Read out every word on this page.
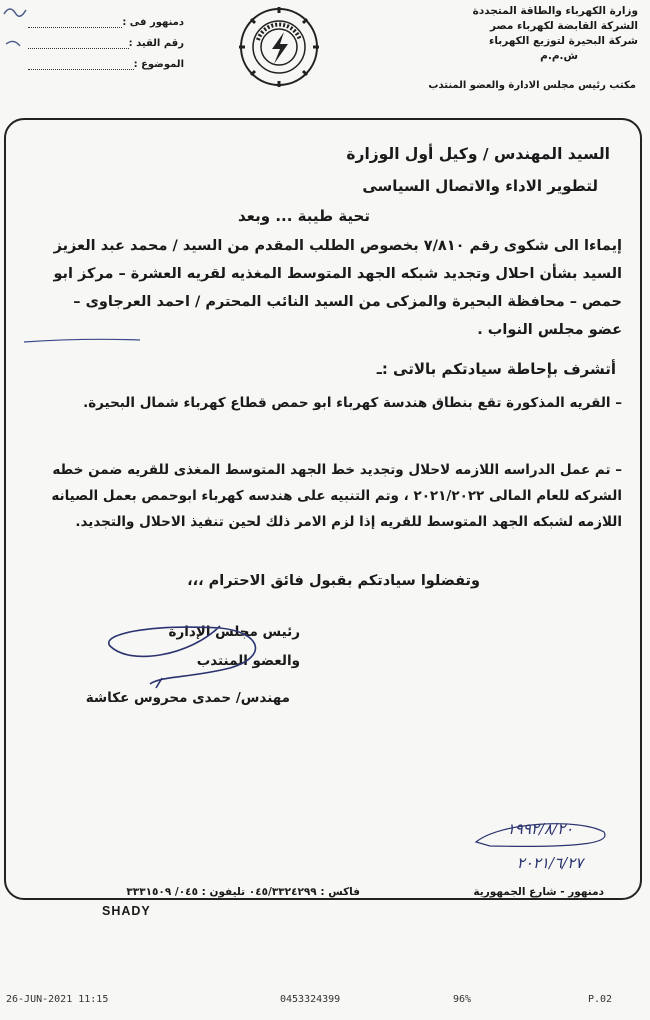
وزارة الكهرباء والطاقة المتجددة
الشركة القابضة لكهرباء مصر
شركة البحيرة لتوزيع الكهرباء
ش.م.م
مكتب رئيس مجلس الادارة والعضو المنتدب
دمنهور فى :
رقم القيد :
الموضوع :
السيد المهندس / وكيل أول الوزارة
لتطوير الاداء والاتصال السياسى
تحية طيبة ... وبعد
إيماءا الى شكوى رقم ٧/٨١٠ بخصوص الطلب المقدم من السيد / محمد عبد العزيز السيد بشأن احلال وتجديد شبكه الجهد المتوسط المغذيه لقريه العشرة – مركز ابو حمص – محافظة البحيرة والمزكى من السيد النائب المحترم / احمد العرجاوى – عضو مجلس النواب .
أتشرف بإحاطة سيادتكم بالاتى :ـ
– القريه المذكورة تقع بنطاق هندسة كهرباء ابو حمص قطاع كهرباء شمال البحيرة.
– تم عمل الدراسه اللازمه لاحلال وتجديد خط الجهد المتوسط المغذى للقريه ضمن خطه الشركه للعام المالى ٢٠٢١/٢٠٢٢ ، وتم التنبيه على هندسه كهرباء ابوحمص بعمل الصيانه اللازمه لشبكه الجهد المتوسط للقريه إذا لزم الامر ذلك لحين تنفيذ الاحلال والتجديد.
وتفضلوا سيادتكم بقبول فائق الاحترام ،،،
رئيس مجلس الإدارة
والعضو المنتدب
مهندس/ حمدى محروس عكاشة
١٩٩٢/٨/٢٠
٢٠٢١/٦/٢٧
دمنهور - شارع الجمهورية
فاكس : ٠٤٥/٣٣٢٤٢٩٩ تليفون : ٠٤٥/ ٣٣٣١٥٠٩
SHADY
26-JUN-2021 11:15	0453324399	96%	P.02
